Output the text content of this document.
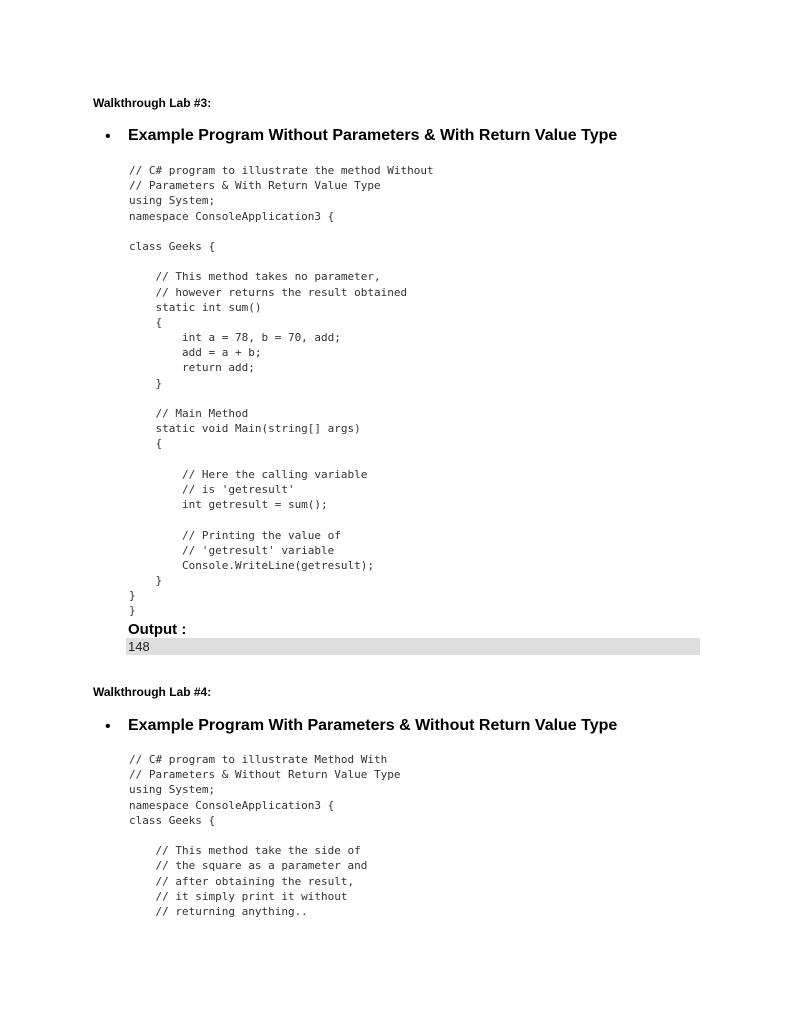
Walkthrough Lab #3:
• Example Program Without Parameters & With Return Value Type
// C# program to illustrate the method Without
// Parameters & With Return Value Type
using System;
namespace ConsoleApplication3 {
class Geeks {
// This method takes no parameter,
// however returns the result obtained
static int sum()
{
int a = 78, b = 70, add;
add = a + b;
return add;
}
// Main Method
static void Main(string[] args)
{
// Here the calling variable
// is 'getresult'
int getresult = sum();
// Printing the value of
// 'getresult' variable
Console.WriteLine(getresult);
}
}
}
Output :
148
Walkthrough Lab #4:
• Example Program With Parameters & Without Return Value Type
// C# program to illustrate Method With
// Parameters & Without Return Value Type
using System;
namespace ConsoleApplication3 {
class Geeks {
// This method take the side of
// the square as a parameter and
// after obtaining the result,
// it simply print it without
// returning anything..
